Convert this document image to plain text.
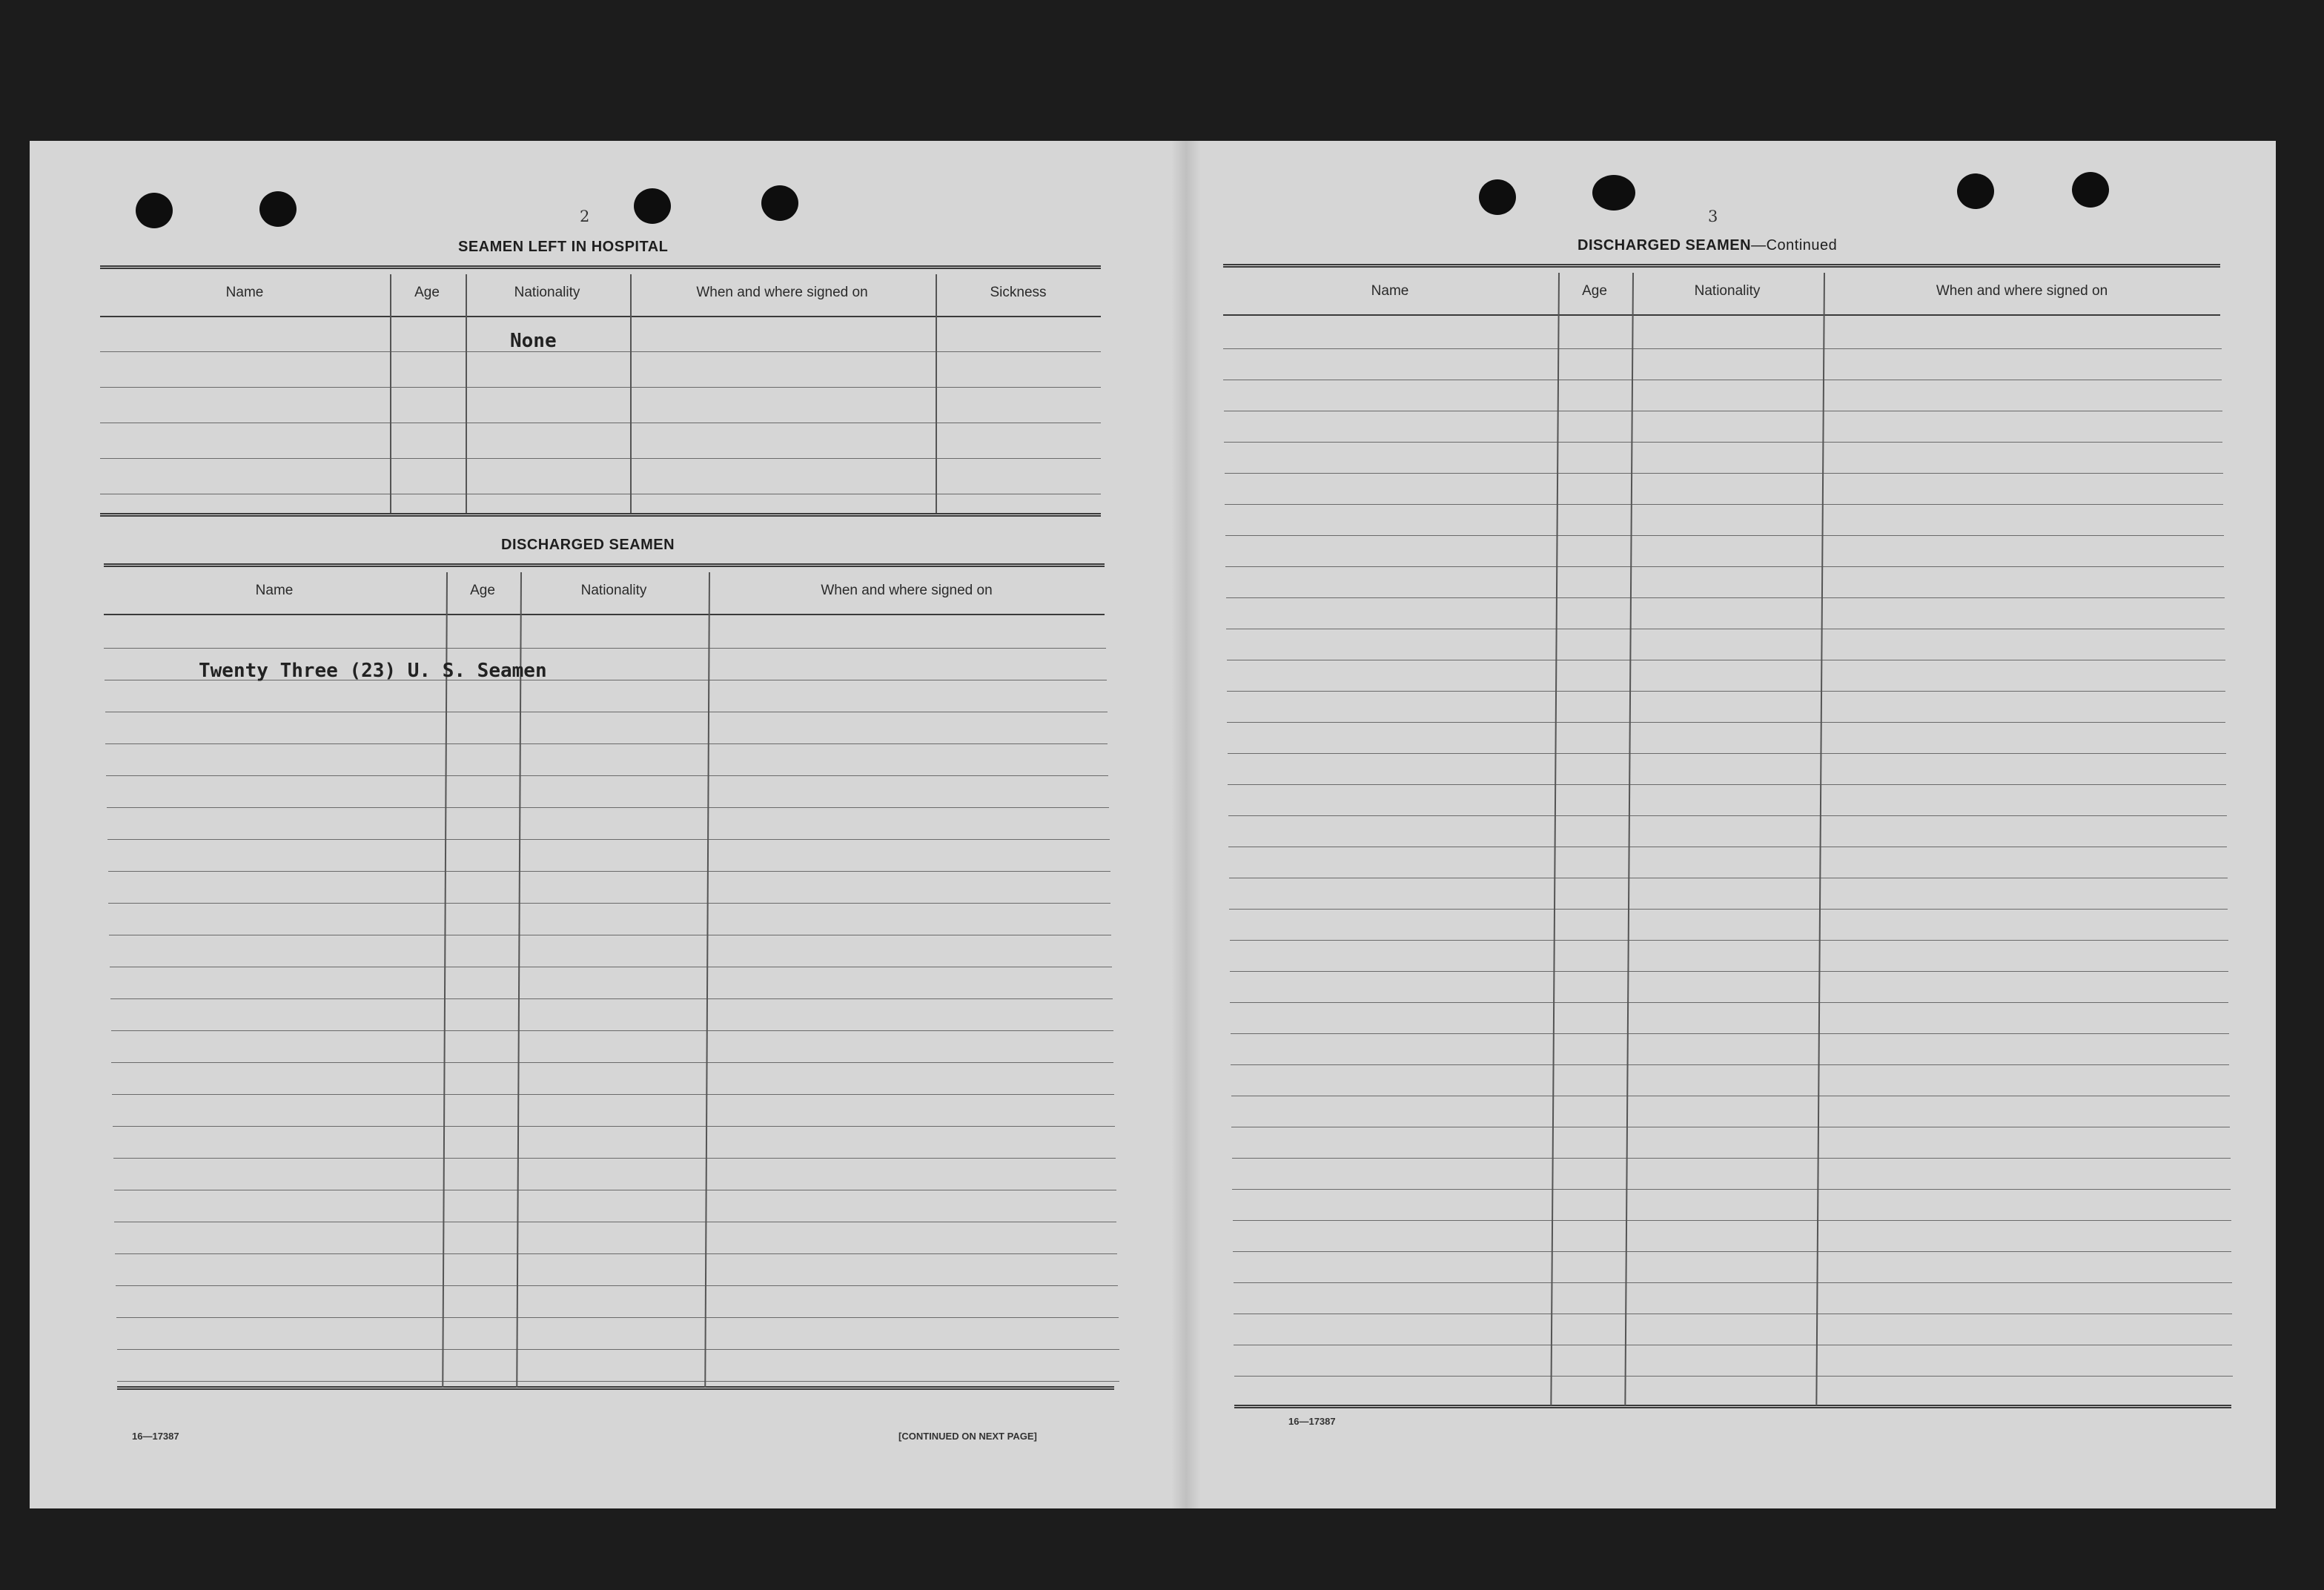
2
SEAMEN LEFT IN HOSPITAL
Name	Age	Nationality	When and where signed on	Sickness
None
DISCHARGED SEAMEN
Name	Age	Nationality	When and where signed on
Twenty Three (23) U. S. Seamen
16—17387	[CONTINUED ON NEXT PAGE]
3
DISCHARGED SEAMEN—Continued
Name	Age	Nationality	When and where signed on
16—17387
